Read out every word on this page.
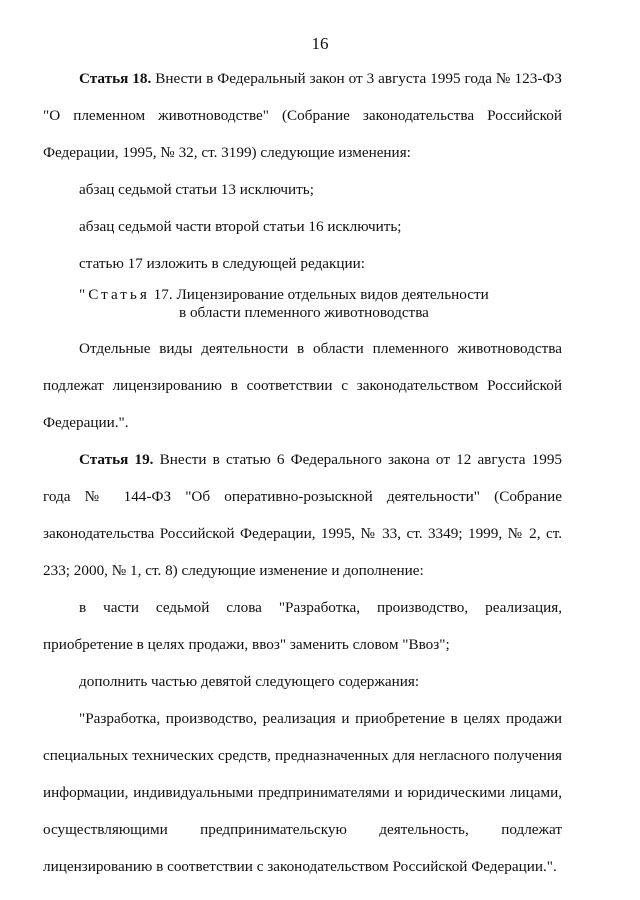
16

Статья 18. Внести в Федеральный закон от 3 августа 1995 года № 123-ФЗ "О племенном животноводстве" (Собрание законодательства Российской Федерации, 1995, № 32, ст. 3199) следующие изменения:

абзац седьмой статьи 13 исключить;

абзац седьмой части второй статьи 16 исключить;

статью 17 изложить в следующей редакции:

"Статья 17. Лицензирование отдельных видов деятельности
в области племенного животноводства

Отдельные виды деятельности в области племенного животноводства подлежат лицензированию в соответствии с законодательством Российской Федерации.".

Статья 19. Внести в статью 6 Федерального закона от 12 августа 1995 года № 144-ФЗ "Об оперативно-розыскной деятельности" (Собрание законодательства Российской Федерации, 1995, № 33, ст. 3349; 1999, № 2, ст. 233; 2000, № 1, ст. 8) следующие изменение и дополнение:

в части седьмой слова "Разработка, производство, реализация, приобретение в целях продажи, ввоз" заменить словом "Ввоз";

дополнить частью девятой следующего содержания:

"Разработка, производство, реализация и приобретение в целях продажи специальных технических средств, предназначенных для негласного получения информации, индивидуальными предпринимателями и юридическими лицами, осуществляющими предпринимательскую деятельность, подлежат лицензированию в соответствии с законодательством Российской Федерации.".
